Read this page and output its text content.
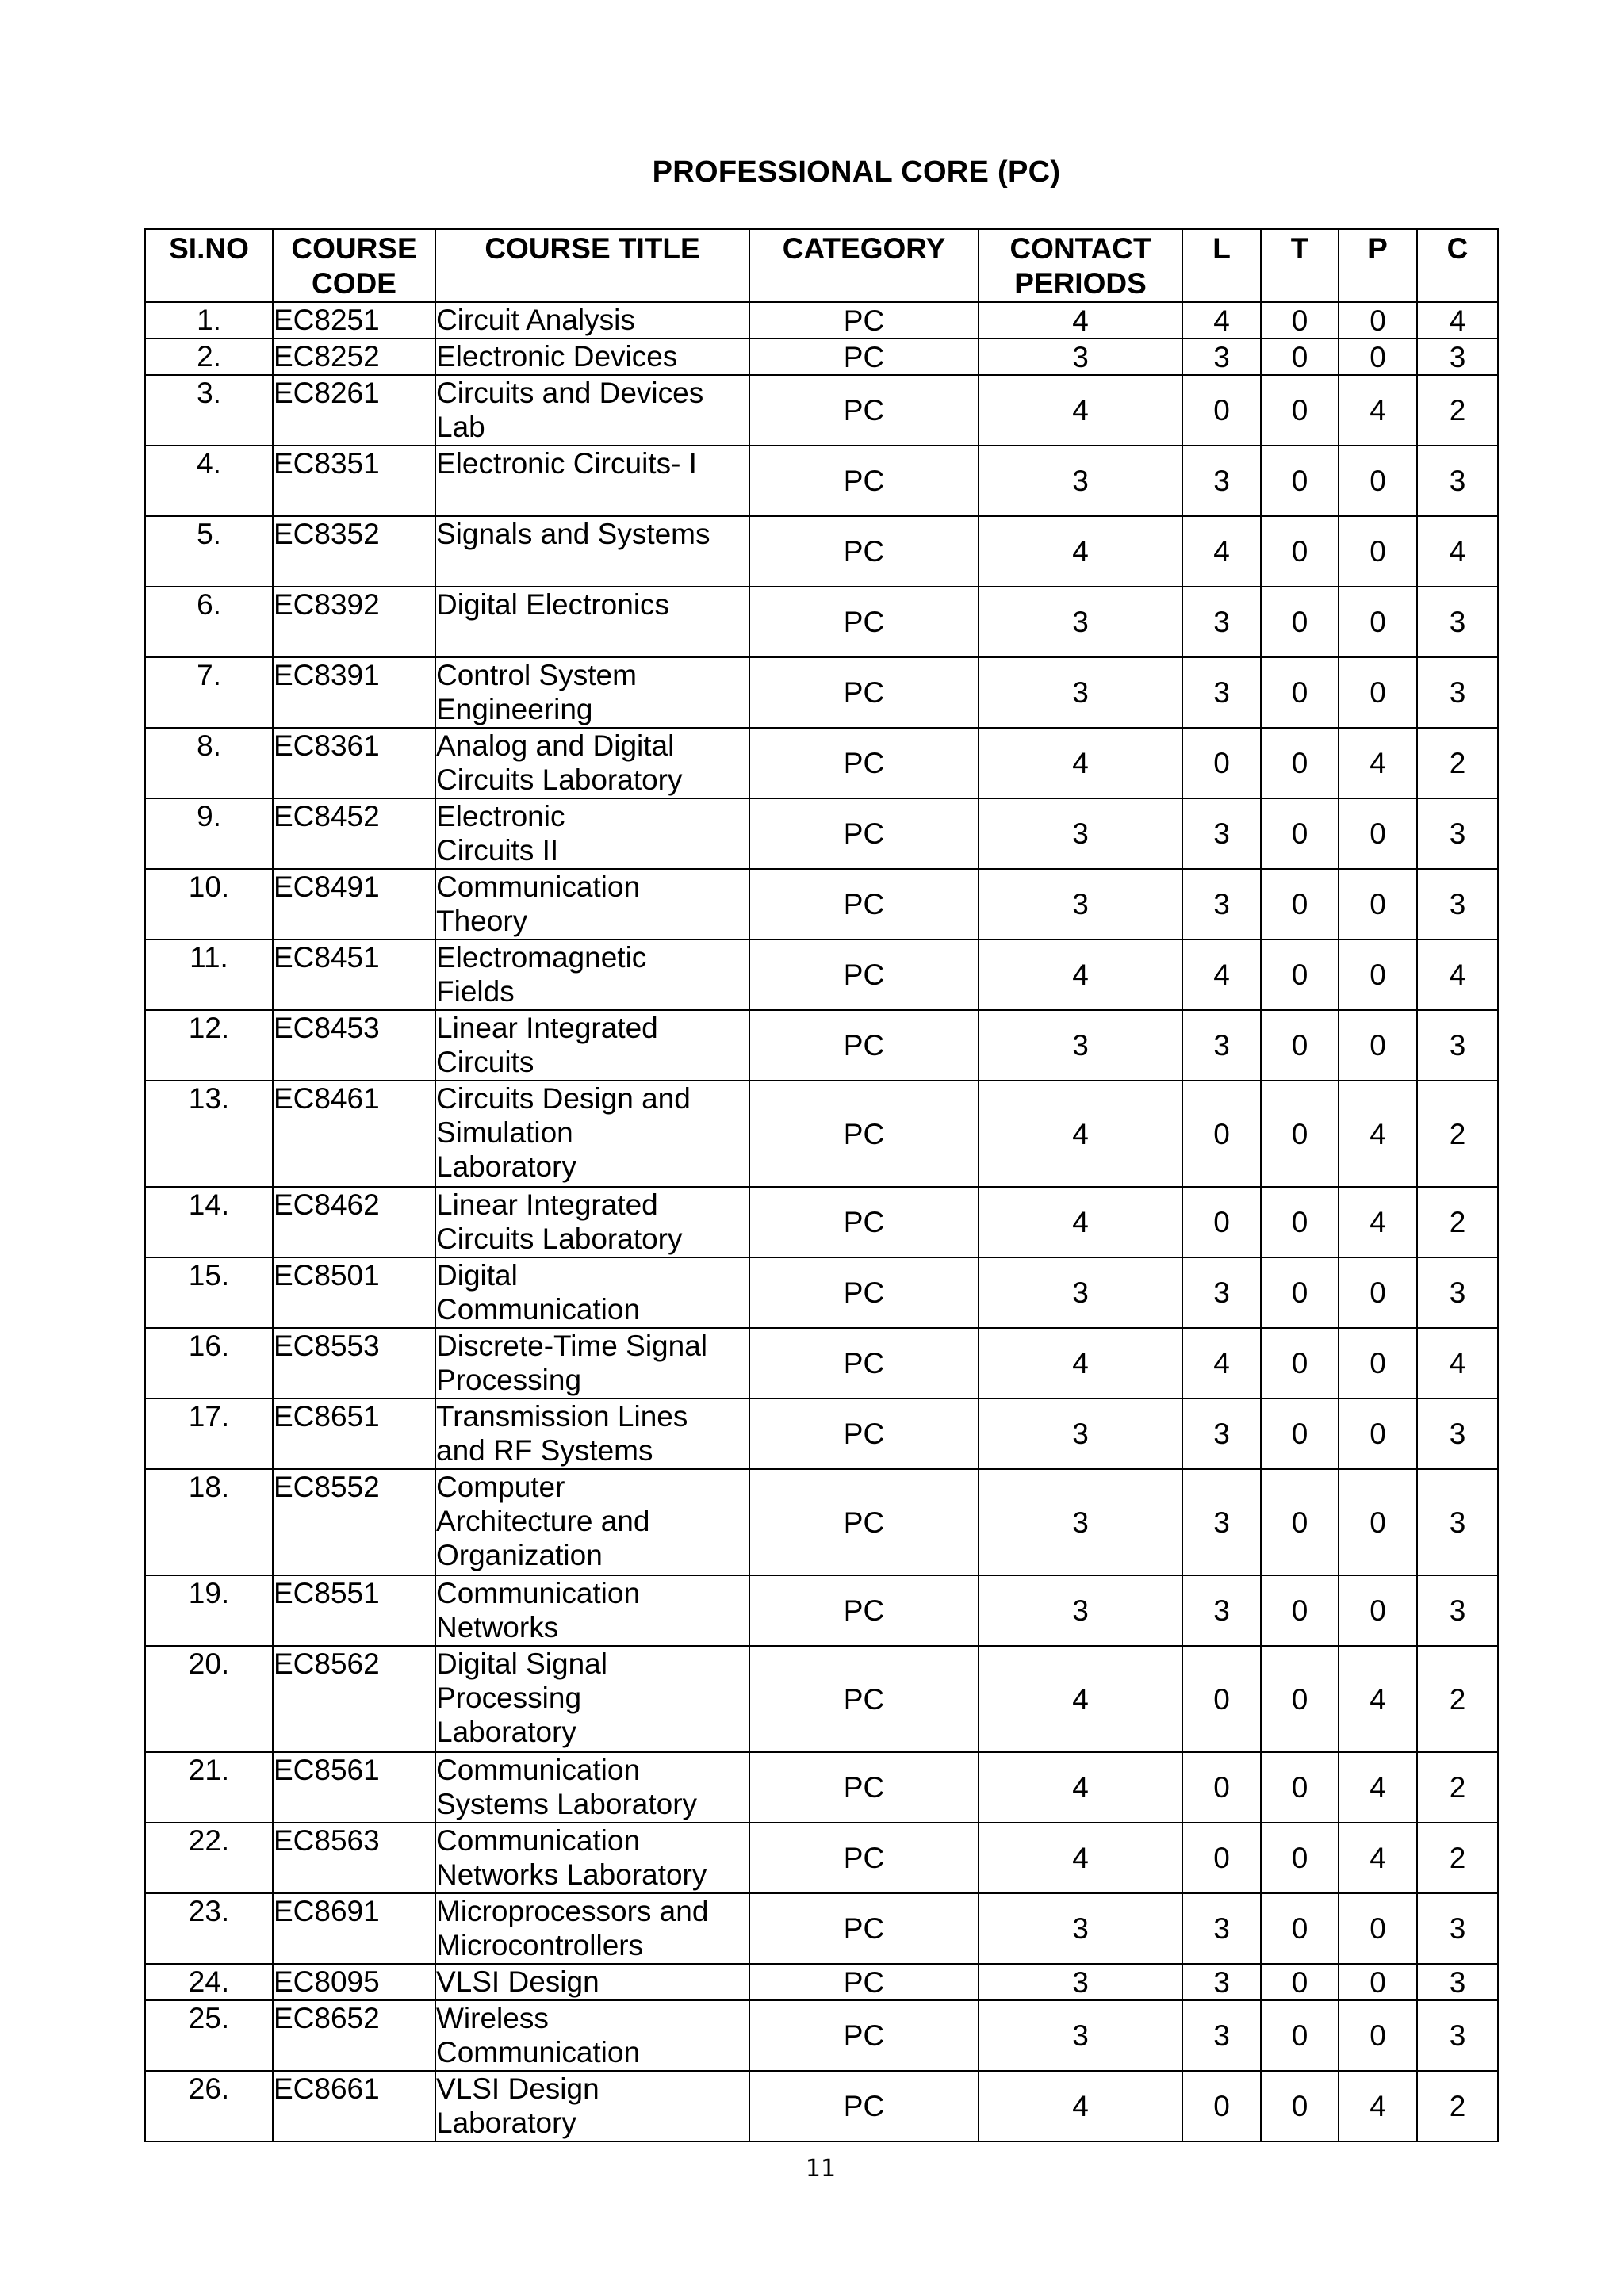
PROFESSIONAL CORE (PC)
SI.NO	COURSE CODE	COURSE TITLE	CATEGORY	CONTACT PERIODS	L	T	P	C
1.	EC8251	Circuit Analysis	PC	4	4	0	0	4
2.	EC8252	Electronic Devices	PC	3	3	0	0	3
3.	EC8261	Circuits and Devices
Lab	PC	4	0	0	4	2
4.	EC8351	Electronic Circuits- I	PC	3	3	0	0	3
5.	EC8352	Signals and Systems	PC	4	4	0	0	4
6.	EC8392	Digital Electronics	PC	3	3	0	0	3
7.	EC8391	Control System
Engineering	PC	3	3	0	0	3
8.	EC8361	Analog and Digital
Circuits Laboratory	PC	4	0	0	4	2
9.	EC8452	Electronic
Circuits II	PC	3	3	0	0	3
10.	EC8491	Communication
Theory	PC	3	3	0	0	3
11.	EC8451	Electromagnetic
Fields	PC	4	4	0	0	4
12.	EC8453	Linear Integrated
Circuits	PC	3	3	0	0	3
13.	EC8461	Circuits Design and
Simulation
Laboratory	PC	4	0	0	4	2
14.	EC8462	Linear Integrated
Circuits Laboratory	PC	4	0	0	4	2
15.	EC8501	Digital
Communication	PC	3	3	0	0	3
16.	EC8553	Discrete-Time Signal
Processing	PC	4	4	0	0	4
17.	EC8651	Transmission Lines
and RF Systems	PC	3	3	0	0	3
18.	EC8552	Computer
Architecture and
Organization	PC	3	3	0	0	3
19.	EC8551	Communication
Networks	PC	3	3	0	0	3
20.	EC8562	Digital Signal
Processing
Laboratory	PC	4	0	0	4	2
21.	EC8561	Communication
Systems Laboratory	PC	4	0	0	4	2
22.	EC8563	Communication
Networks Laboratory	PC	4	0	0	4	2
23.	EC8691	Microprocessors and
Microcontrollers	PC	3	3	0	0	3
24.	EC8095	VLSI Design	PC	3	3	0	0	3
25.	EC8652	Wireless
Communication	PC	3	3	0	0	3
26.	EC8661	VLSI Design
Laboratory	PC	4	0	0	4	2
11
